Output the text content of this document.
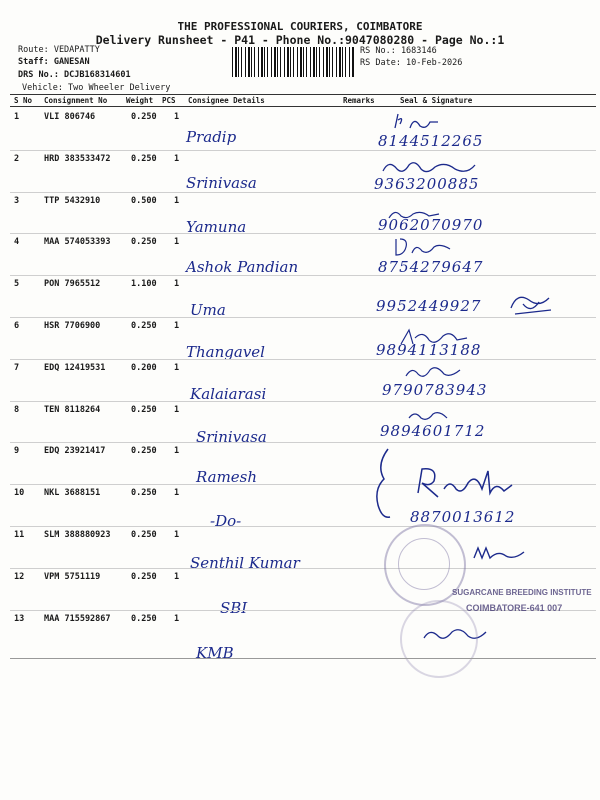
THE PROFESSIONAL COURIERS, COIMBATORE
Delivery Runsheet - P41 - Phone No.:9047080280 - Page No.:1
Route: VEDAPATTY
Staff: GANESAN
DRS No.: DCJB168314601
Vehicle: Two Wheeler Delivery
RS No.: 1683146
RS Date: 10-Feb-2026
S No Consignment No	Weight PCS Consignee Details	Remarks	Seal & Signature
1	VLI 806746	0.250 1
Pradip	8144512265
2	HRD 383533472 0.250 1
Srinivasa	9363200885
3	TTP 5432910	0.500 1
Yamuna	9062070970
4	MAA 574053393 0.250 1
Ashok Pandian	8754279647
5	PON 7965512	1.100 1
Uma	9952449927
6	HSR 7706900	0.250 1
Thangavel	9894113188
7	EDQ 12419531	0.200 1
Kalaiarasi	9790783943
8	TEN 8118264	0.250 1
Srinivasa	9894601712
9	EDQ 23921417	0.250 1
Ramesh
10 NKL 3688151	0.250 1
-Do-	8870013612
11 SLM 388880923 0.250 1
Senthil Kumar
12 VPM 5751119	0.250 1
SBI
13 MAA 715592867 0.250 1
KMB
SUGARCANE BREEDING INSTITUTE
COIMBATORE-641 007
